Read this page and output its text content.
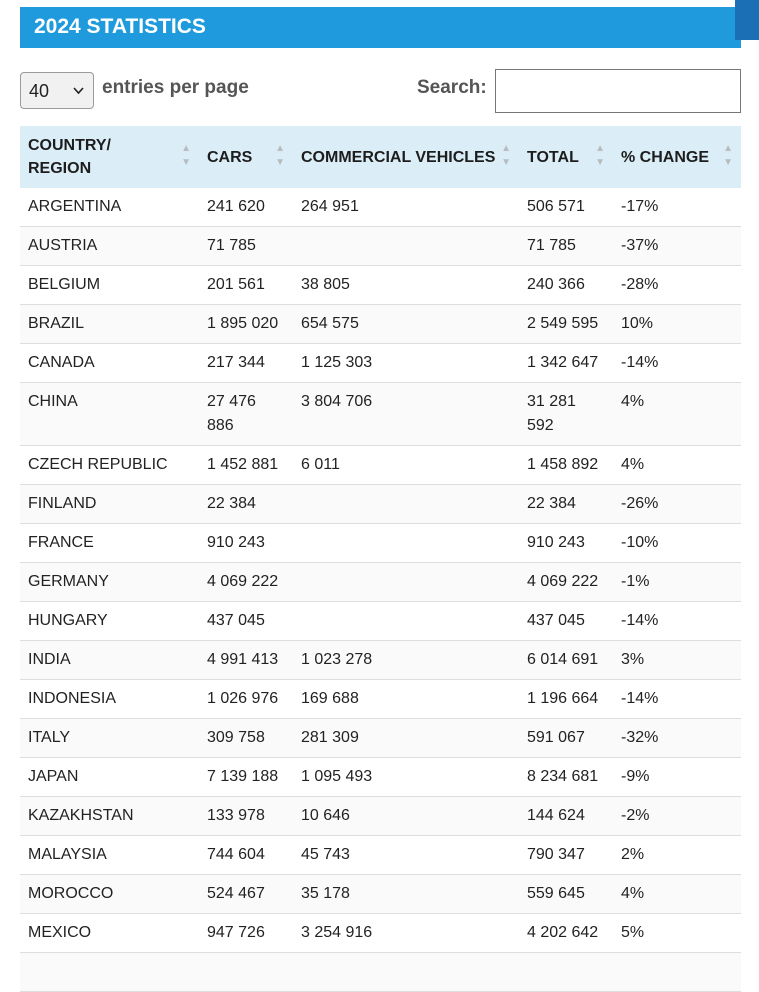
2024 STATISTICS
40	entries per page	Search:
COUNTRY/ REGION
▲
▼	CARS ▲
▼	COMMERCIAL VEHICLES ▲
▼	TOTAL ▲
▼	% CHANGE ▲
▼

ARGENTINA	241 620	264 951	506 571	-17%
AUSTRIA	71 785		71 785	-37%
BELGIUM	201 561	38 805	240 366	-28%
BRAZIL	1 895 020	654 575	2 549 595	10%
CANADA	217 344	1 125 303	1 342 647	-14%
CHINA	27 476 886	3 804 706	31 281 592	4%
CZECH REPUBLIC	1 452 881	6 011	1 458 892	4%
FINLAND	22 384		22 384	-26%
FRANCE	910 243		910 243	-10%
GERMANY	4 069 222		4 069 222	-1%
HUNGARY	437 045		437 045	-14%
INDIA	4 991 413	1 023 278	6 014 691	3%
INDONESIA	1 026 976	169 688	1 196 664	-14%
ITALY	309 758	281 309	591 067	-32%
JAPAN	7 139 188	1 095 493	8 234 681	-9%
KAZAKHSTAN	133 978	10 646	144 624	-2%
MALAYSIA	744 604	45 743	790 347	2%
MOROCCO	524 467	35 178	559 645	4%
MEXICO	947 726	3 254 916	4 202 642	5%
